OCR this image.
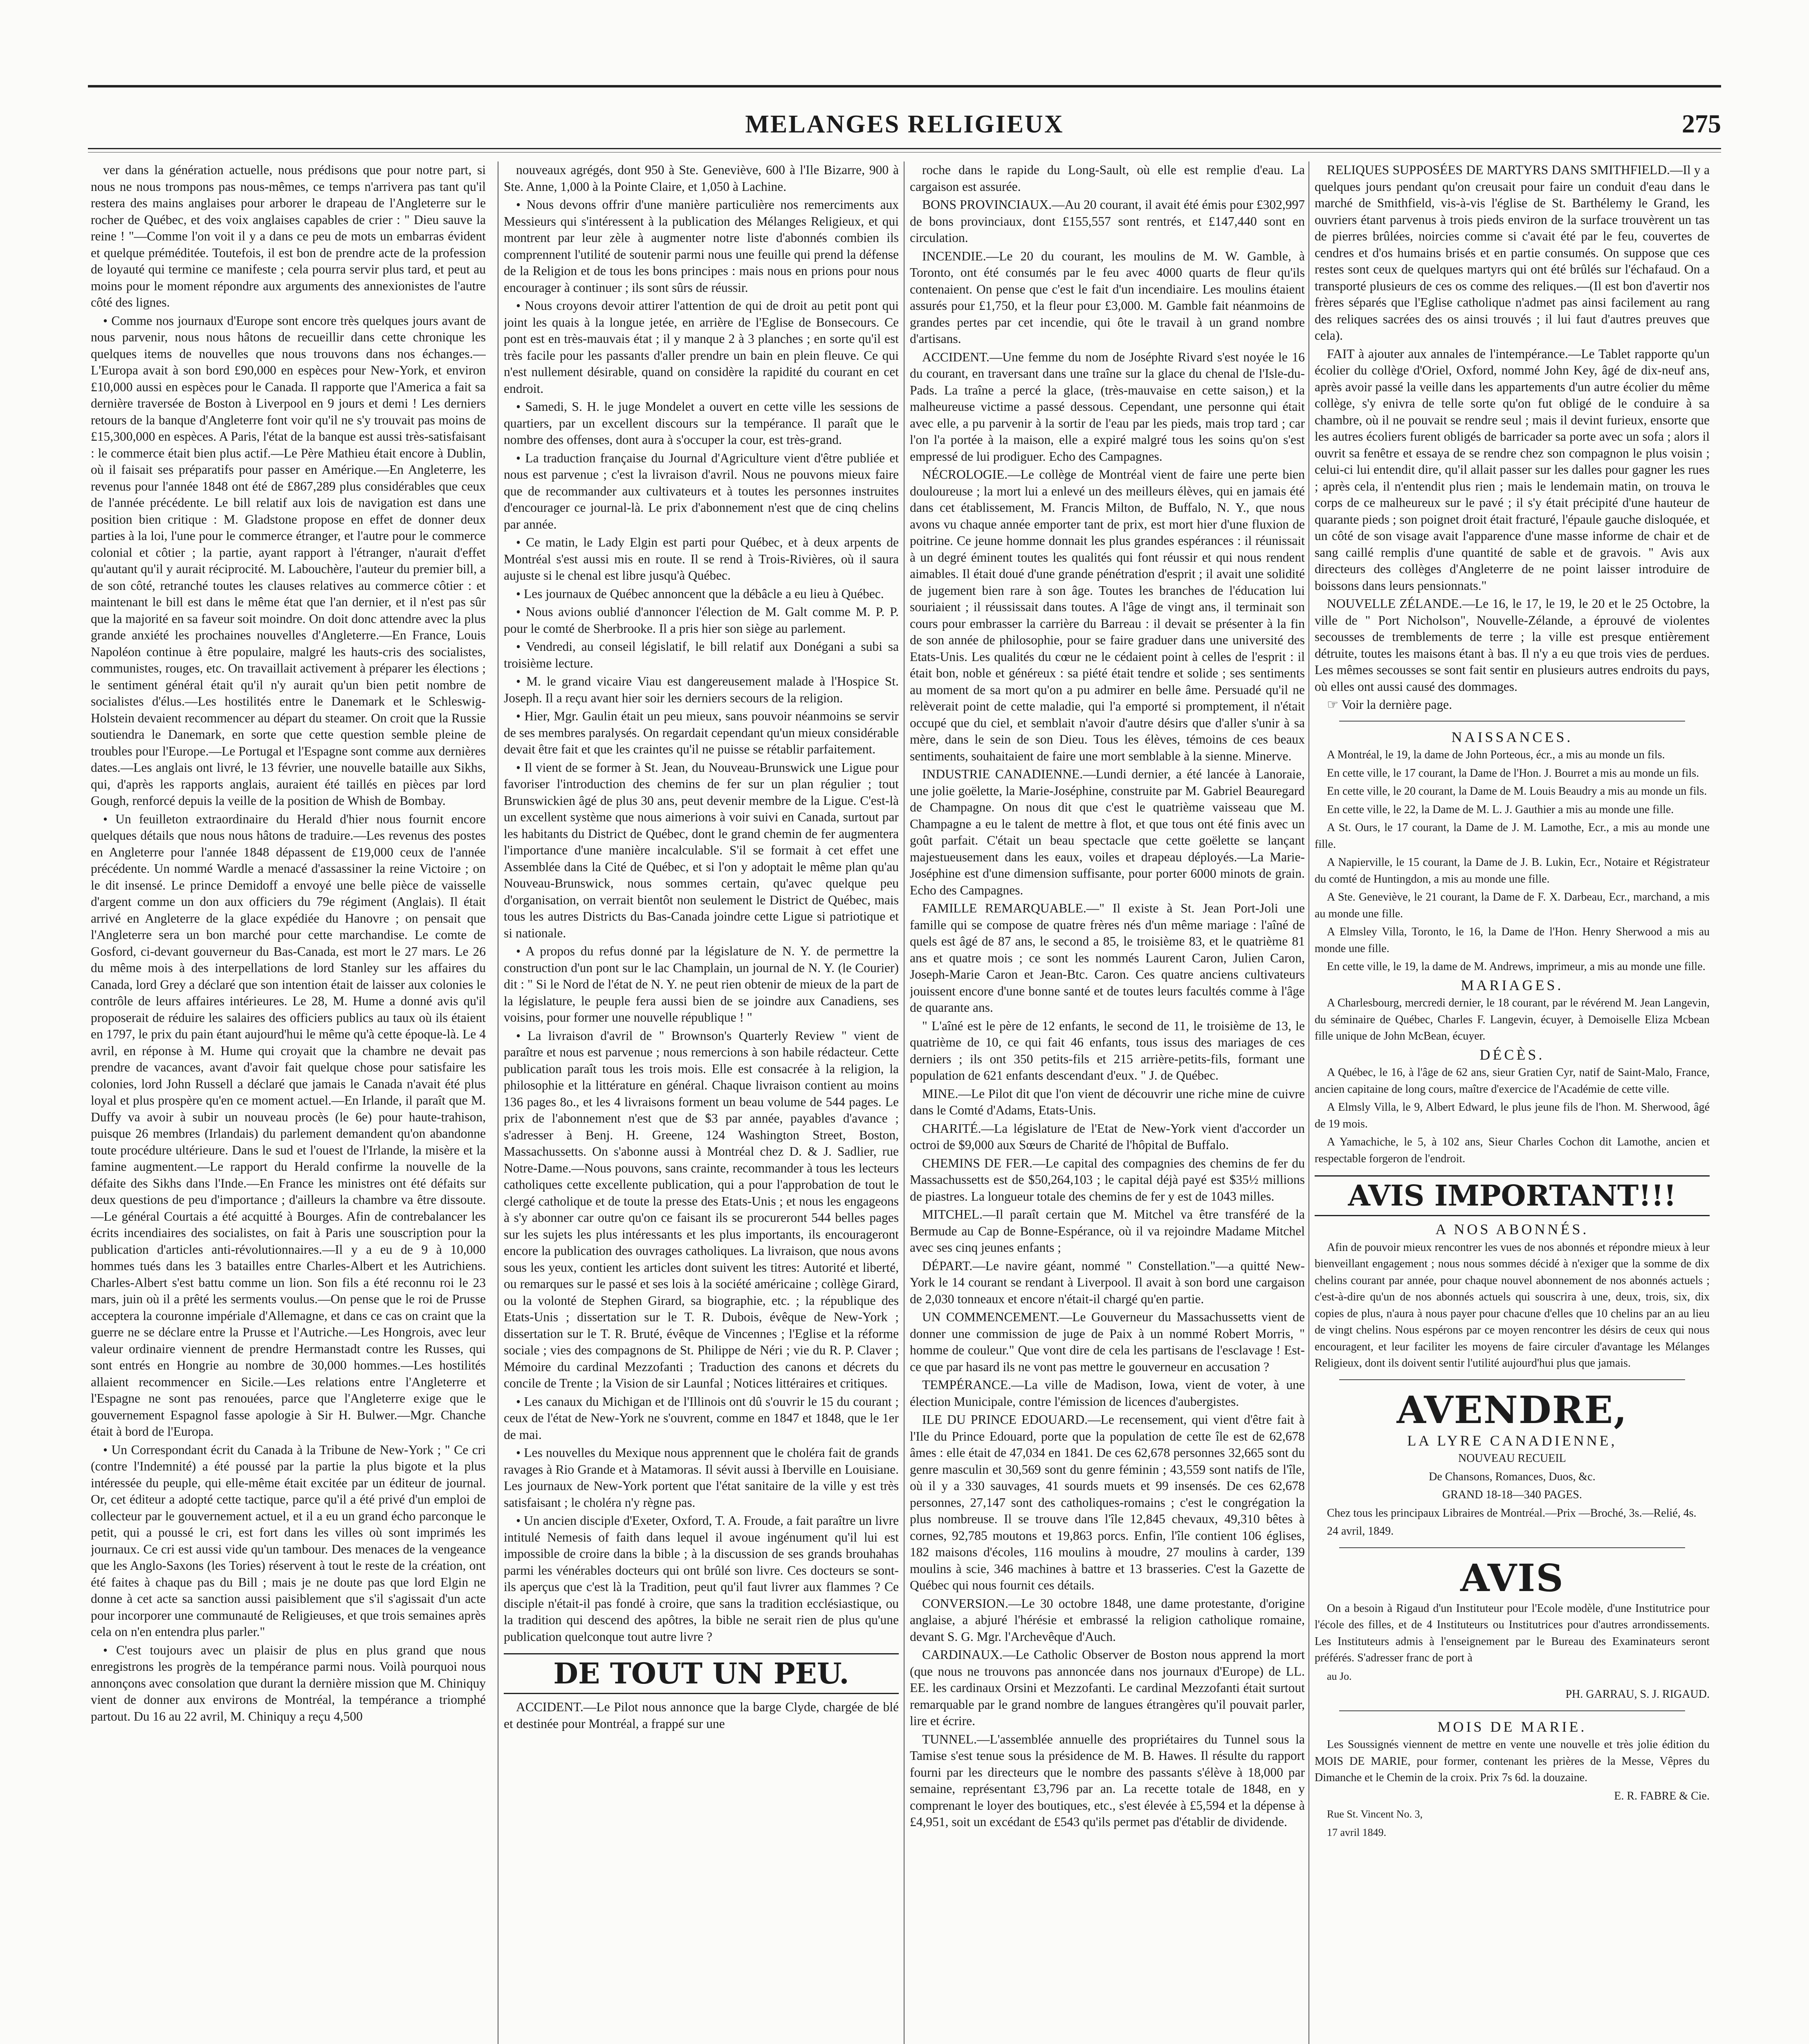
MELANGES RELIGIEUX	275

ver dans la génération actuelle, nous prédisons que pour notre part, si nous ne nous trompons pas nous-mêmes, ce temps n'arrivera pas tant qu'il restera des mains anglaises pour arborer le drapeau de l'Angleterre sur le rocher de Québec, et des voix anglaises capables de crier : " Dieu sauve la reine ! "—Comme l'on voit il y a dans ce peu de mots un embarras évident et quelque préméditée. Toutefois, il est bon de prendre acte de la profession de loyauté qui termine ce manifeste ; cela pourra servir plus tard, et peut au moins pour le moment répondre aux arguments des annexionistes de l'autre côté des lignes.

• Comme nos journaux d'Europe sont encore très quelques jours avant de nous parvenir, nous nous hâtons de recueillir dans cette chronique les quelques items de nouvelles que nous trouvons dans nos échanges.—L'Europa avait à son bord £90,000 en espèces pour New-York, et environ £10,000 aussi en espèces pour le Canada. Il rapporte que l'America a fait sa dernière traversée de Boston à Liverpool en 9 jours et demi ! Les derniers retours de la banque d'Angleterre font voir qu'il ne s'y trouvait pas moins de £15,300,000 en espèces. A Paris, l'état de la banque est aussi très-satisfaisant : le commerce était bien plus actif.—Le Père Mathieu était encore à Dublin, où il faisait ses préparatifs pour passer en Amérique.—En Angleterre, les revenus pour l'année 1848 ont été de £867,289 plus considérables que ceux de l'année précédente. Le bill relatif aux lois de navigation est dans une position bien critique : M. Gladstone propose en effet de donner deux parties à la loi, l'une pour le commerce étranger, et l'autre pour le commerce colonial et côtier ; la partie, ayant rapport à l'étranger, n'aurait d'effet qu'autant qu'il y aurait réciprocité. M. Labouchère, l'auteur du premier bill, a de son côté, retranché toutes les clauses relatives au commerce côtier : et maintenant le bill est dans le même état que l'an dernier, et il n'est pas sûr que la majorité en sa faveur soit moindre. On doit donc attendre avec la plus grande anxiété les prochaines nouvelles d'Angleterre.—En France, Louis Napoléon continue à être populaire, malgré les hauts-cris des socialistes, communistes, rouges, etc. On travaillait activement à préparer les élections ; le sentiment général était qu'il n'y aurait qu'un bien petit nombre de socialistes d'élus.—Les hostilités entre le Danemark et le Schleswig-Holstein devaient recommencer au départ du steamer. On croit que la Russie soutiendra le Danemark, en sorte que cette question semble pleine de troubles pour l'Europe.—Le Portugal et l'Espagne sont comme aux dernières dates.—Les anglais ont livré, le 13 février, une nouvelle bataille aux Sikhs, qui, d'après les rapports anglais, auraient été taillés en pièces par lord Gough, renforcé depuis la veille de la position de Whish de Bombay.

• Un feuilleton extraordinaire du Herald d'hier nous fournit encore quelques détails que nous nous hâtons de traduire.—Les revenus des postes en Angleterre pour l'année 1848 dépassent de £19,000 ceux de l'année précédente. Un nommé Wardle a menacé d'assassiner la reine Victoire ; on le dit insensé. Le prince Demidoff a envoyé une belle pièce de vaisselle d'argent comme un don aux officiers du 79e régiment (Anglais). Il était arrivé en Angleterre de la glace expédiée du Hanovre ; on pensait que l'Angleterre sera un bon marché pour cette marchandise. Le comte de Gosford, ci-devant gouverneur du Bas-Canada, est mort le 27 mars. Le 26 du même mois à des interpellations de lord Stanley sur les affaires du Canada, lord Grey a déclaré que son intention était de laisser aux colonies le contrôle de leurs affaires intérieures. Le 28, M. Hume a donné avis qu'il proposerait de réduire les salaires des officiers publics au taux où ils étaient en 1797, le prix du pain étant aujourd'hui le même qu'à cette époque-là. Le 4 avril, en réponse à M. Hume qui croyait que la chambre ne devait pas prendre de vacances, avant d'avoir fait quelque chose pour satisfaire les colonies, lord John Russell a déclaré que jamais le Canada n'avait été plus loyal et plus prospère qu'en ce moment actuel.—En Irlande, il paraît que M. Duffy va avoir à subir un nouveau procès (le 6e) pour haute-trahison, puisque 26 membres (Irlandais) du parlement demandent qu'on abandonne toute procédure ultérieure. Dans le sud et l'ouest de l'Irlande, la misère et la famine augmentent.—Le rapport du Herald confirme la nouvelle de la défaite des Sikhs dans l'Inde.—En France les ministres ont été défaits sur deux questions de peu d'importance ; d'ailleurs la chambre va être dissoute.—Le général Courtais a été acquitté à Bourges. Afin de contrebalancer les écrits incendiaires des socialistes, on fait à Paris une souscription pour la publication d'articles anti-révolutionnaires.—Il y a eu de 9 à 10,000 hommes tués dans les 3 batailles entre Charles-Albert et les Autrichiens. Charles-Albert s'est battu comme un lion. Son fils a été reconnu roi le 23 mars, juin où il a prêté les serments voulus.—On pense que le roi de Prusse acceptera la couronne impériale d'Allemagne, et dans ce cas on craint que la guerre ne se déclare entre la Prusse et l'Autriche.—Les Hongrois, avec leur valeur ordinaire viennent de prendre Hermanstadt contre les Russes, qui sont entrés en Hongrie au nombre de 30,000 hommes.—Les hostilités allaient recommencer en Sicile.—Les relations entre l'Angleterre et l'Espagne ne sont pas renouées, parce que l'Angleterre exige que le gouvernement Espagnol fasse apologie à Sir H. Bulwer.—Mgr. Chanche était à bord de l'Europa.

• Un Correspondant écrit du Canada à la Tribune de New-York ; " Ce cri (contre l'Indemnité) a été poussé par la partie la plus bigote et la plus intéressée du peuple, qui elle-même était excitée par un éditeur de journal. Or, cet éditeur a adopté cette tactique, parce qu'il a été privé d'un emploi de collecteur par le gouvernement actuel, et il a eu un grand écho parconque le petit, qui a poussé le cri, est fort dans les villes où sont imprimés les journaux. Ce cri est aussi vide qu'un tambour. Des menaces de la vengeance que les Anglo-Saxons (les Tories) réservent à tout le reste de la création, ont été faites à chaque pas du Bill ; mais je ne doute pas que lord Elgin ne donne à cet acte sa sanction aussi paisiblement que s'il s'agissait d'un acte pour incorporer une communauté de Religieuses, et que trois semaines après cela on n'en entendra plus parler."

• C'est toujours avec un plaisir de plus en plus grand que nous enregistrons les progrès de la tempérance parmi nous. Voilà pourquoi nous annonçons avec consolation que durant la dernière mission que M. Chiniquy vient de donner aux environs de Montréal, la tempérance a triomphé partout. Du 16 au 22 avril, M. Chiniquy a reçu 4,500

nouveaux agrégés, dont 950 à Ste. Geneviève, 600 à l'Ile Bizarre, 900 à Ste. Anne, 1,000 à la Pointe Claire, et 1,050 à Lachine.

• Nous devons offrir d'une manière particulière nos remerciments aux Messieurs qui s'intéressent à la publication des Mélanges Religieux, et qui montrent par leur zèle à augmenter notre liste d'abonnés combien ils comprennent l'utilité de soutenir parmi nous une feuille qui prend la défense de la Religion et de tous les bons principes : mais nous en prions pour nous encourager à continuer ; ils sont sûrs de réussir.

• Nous croyons devoir attirer l'attention de qui de droit au petit pont qui joint les quais à la longue jetée, en arrière de l'Eglise de Bonsecours. Ce pont est en très-mauvais état ; il y manque 2 à 3 planches ; en sorte qu'il est très facile pour les passants d'aller prendre un bain en plein fleuve. Ce qui n'est nullement désirable, quand on considère la rapidité du courant en cet endroit.

• Samedi, S. H. le juge Mondelet a ouvert en cette ville les sessions de quartiers, par un excellent discours sur la tempérance. Il paraît que le nombre des offenses, dont aura à s'occuper la cour, est très-grand.

• La traduction française du Journal d'Agriculture vient d'être publiée et nous est parvenue ; c'est la livraison d'avril. Nous ne pouvons mieux faire que de recommander aux cultivateurs et à toutes les personnes instruites d'encourager ce journal-là. Le prix d'abonnement n'est que de cinq chelins par année.

• Ce matin, le Lady Elgin est parti pour Québec, et à deux arpents de Montréal s'est aussi mis en route. Il se rend à Trois-Rivières, où il saura aujuste si le chenal est libre jusqu'à Québec.

• Les journaux de Québec annoncent que la débâcle a eu lieu à Québec.

• Nous avions oublié d'annoncer l'élection de M. Galt comme M. P. P. pour le comté de Sherbrooke. Il a pris hier son siège au parlement.

• Vendredi, au conseil législatif, le bill relatif aux Donégani a subi sa troisième lecture.

• M. le grand vicaire Viau est dangereusement malade à l'Hospice St. Joseph. Il a reçu avant hier soir les derniers secours de la religion.

• Hier, Mgr. Gaulin était un peu mieux, sans pouvoir néanmoins se servir de ses membres paralysés. On regardait cependant qu'un mieux considérable devait être fait et que les craintes qu'il ne puisse se rétablir parfaitement.

• Il vient de se former à St. Jean, du Nouveau-Brunswick une Ligue pour favoriser l'introduction des chemins de fer sur un plan régulier ; tout Brunswickien âgé de plus 30 ans, peut devenir membre de la Ligue. C'est-là un excellent système que nous aimerions à voir suivi en Canada, surtout par les habitants du District de Québec, dont le grand chemin de fer augmentera l'importance d'une manière incalculable. S'il se formait à cet effet une Assemblée dans la Cité de Québec, et si l'on y adoptait le même plan qu'au Nouveau-Brunswick, nous sommes certain, qu'avec quelque peu d'organisation, on verrait bientôt non seulement le District de Québec, mais tous les autres Districts du Bas-Canada joindre cette Ligue si patriotique et si nationale.

• A propos du refus donné par la législature de N. Y. de permettre la construction d'un pont sur le lac Champlain, un journal de N. Y. (le Courier) dit : " Si le Nord de l'état de N. Y. ne peut rien obtenir de mieux de la part de la législature, le peuple fera aussi bien de se joindre aux Canadiens, ses voisins, pour former une nouvelle république ! "

• La livraison d'avril de " Brownson's Quarterly Review " vient de paraître et nous est parvenue ; nous remercions à son habile rédacteur. Cette publication paraît tous les trois mois. Elle est consacrée à la religion, la philosophie et la littérature en général. Chaque livraison contient au moins 136 pages 8o., et les 4 livraisons forment un beau volume de 544 pages. Le prix de l'abonnement n'est que de $3 par année, payables d'avance ; s'adresser à Benj. H. Greene, 124 Washington Street, Boston, Massachussetts. On s'abonne aussi à Montréal chez D. & J. Sadlier, rue Notre-Dame.—Nous pouvons, sans crainte, recommander à tous les lecteurs catholiques cette excellente publication, qui a pour l'approbation de tout le clergé catholique et de toute la presse des Etats-Unis ; et nous les engageons à s'y abonner car outre qu'on ce faisant ils se procureront 544 belles pages sur les sujets les plus intéressants et les plus importants, ils encourageront encore la publication des ouvrages catholiques. La livraison, que nous avons sous les yeux, contient les articles dont suivent les titres: Autorité et liberté, ou remarques sur le passé et ses lois à la société américaine ; collège Girard, ou la volonté de Stephen Girard, sa biographie, etc. ; la république des Etats-Unis ; dissertation sur le T. R. Dubois, évêque de New-York ; dissertation sur le T. R. Bruté, évêque de Vincennes ; l'Eglise et la réforme sociale ; vies des compagnons de St. Philippe de Néri ; vie du R. P. Claver ; Mémoire du cardinal Mezzofanti ; Traduction des canons et décrets du concile de Trente ; la Vision de sir Launfal ; Notices littéraires et critiques.

• Les canaux du Michigan et de l'Illinois ont dû s'ouvrir le 15 du courant ; ceux de l'état de New-York ne s'ouvrent, comme en 1847 et 1848, que le 1er de mai.

• Les nouvelles du Mexique nous apprennent que le choléra fait de grands ravages à Rio Grande et à Matamoras. Il sévit aussi à Iberville en Louisiane. Les journaux de New-York portent que l'état sanitaire de la ville y est très satisfaisant ; le choléra n'y règne pas.

• Un ancien disciple d'Exeter, Oxford, T. A. Froude, a fait paraître un livre intitulé Nemesis of faith dans lequel il avoue ingénument qu'il lui est impossible de croire dans la bible ; à la discussion de ses grands brouhahas parmi les vénérables docteurs qui ont brûlé son livre. Ces docteurs se sont-ils aperçus que c'est là la Tradition, peut qu'il faut livrer aux flammes ? Ce disciple n'était-il pas fondé à croire, que sans la tradition ecclésiastique, ou la tradition qui descend des apôtres, la bible ne serait rien de plus qu'une publication quelconque tout autre livre ?

DE TOUT UN PEU.

ACCIDENT.—Le Pilot nous annonce que la barge Clyde, chargée de blé et destinée pour Montréal, a frappé sur une

roche dans le rapide du Long-Sault, où elle est remplie d'eau. La cargaison est assurée.

BONS PROVINCIAUX.—Au 20 courant, il avait été émis pour £302,997 de bons provinciaux, dont £155,557 sont rentrés, et £147,440 sont en circulation.

INCENDIE.—Le 20 du courant, les moulins de M. W. Gamble, à Toronto, ont été consumés par le feu avec 4000 quarts de fleur qu'ils contenaient. On pense que c'est le fait d'un incendiaire. Les moulins étaient assurés pour £1,750, et la fleur pour £3,000. M. Gamble fait néanmoins de grandes pertes par cet incendie, qui ôte le travail à un grand nombre d'artisans.

ACCIDENT.—Une femme du nom de Joséphte Rivard s'est noyée le 16 du courant, en traversant dans une traîne sur la glace du chenal de l'Isle-du-Pads. La traîne a percé la glace, (très-mauvaise en cette saison,) et la malheureuse victime a passé dessous. Cependant, une personne qui était avec elle, a pu parvenir à la sortir de l'eau par les pieds, mais trop tard ; car l'on l'a portée à la maison, elle a expiré malgré tous les soins qu'on s'est empressé de lui prodiguer. Echo des Campagnes.

NÉCROLOGIE.—Le collège de Montréal vient de faire une perte bien douloureuse ; la mort lui a enlevé un des meilleurs élèves, qui en jamais été dans cet établissement, M. Francis Milton, de Buffalo, N. Y., que nous avons vu chaque année emporter tant de prix, est mort hier d'une fluxion de poitrine. Ce jeune homme donnait les plus grandes espérances : il réunissait à un degré éminent toutes les qualités qui font réussir et qui nous rendent aimables. Il était doué d'une grande pénétration d'esprit ; il avait une solidité de jugement bien rare à son âge. Toutes les branches de l'éducation lui souriaient ; il réussissait dans toutes. A l'âge de vingt ans, il terminait son cours pour embrasser la carrière du Barreau : il devait se présenter à la fin de son année de philosophie, pour se faire graduer dans une université des Etats-Unis. Les qualités du cœur ne le cédaient point à celles de l'esprit : il était bon, noble et généreux : sa piété était tendre et solide ; ses sentiments au moment de sa mort qu'on a pu admirer en belle âme. Persuadé qu'il ne relèverait point de cette maladie, qui l'a emporté si promptement, il n'était occupé que du ciel, et semblait n'avoir d'autre désirs que d'aller s'unir à sa mère, dans le sein de son Dieu. Tous les élèves, témoins de ces beaux sentiments, souhaitaient de faire une mort semblable à la sienne. Minerve.

INDUSTRIE CANADIENNE.—Lundi dernier, a été lancée à Lanoraie, une jolie goëlette, la Marie-Joséphine, construite par M. Gabriel Beauregard de Champagne. On nous dit que c'est le quatrième vaisseau que M. Champagne a eu le talent de mettre à flot, et que tous ont été finis avec un goût parfait. C'était un beau spectacle que cette goëlette se lançant majestueusement dans les eaux, voiles et drapeau déployés.—La Marie-Joséphine est d'une dimension suffisante, pour porter 6000 minots de grain. Echo des Campagnes.

FAMILLE REMARQUABLE.—" Il existe à St. Jean Port-Joli une famille qui se compose de quatre frères nés d'un même mariage : l'aîné de quels est âgé de 87 ans, le second a 85, le troisième 83, et le quatrième 81 ans et quatre mois ; ce sont les nommés Laurent Caron, Julien Caron, Joseph-Marie Caron et Jean-Btc. Caron. Ces quatre anciens cultivateurs jouissent encore d'une bonne santé et de toutes leurs facultés comme à l'âge de quarante ans.

" L'aîné est le père de 12 enfants, le second de 11, le troisième de 13, le quatrième de 10, ce qui fait 46 enfants, tous issus des mariages de ces derniers ; ils ont 350 petits-fils et 215 arrière-petits-fils, formant une population de 621 enfants descendant d'eux. " J. de Québec.

MINE.—Le Pilot dit que l'on vient de découvrir une riche mine de cuivre dans le Comté d'Adams, Etats-Unis.

CHARITÉ.—La législature de l'Etat de New-York vient d'accorder un octroi de $9,000 aux Sœurs de Charité de l'hôpital de Buffalo.

CHEMINS DE FER.—Le capital des compagnies des chemins de fer du Massachussetts est de $50,264,103 ; le capital déjà payé est $35½ millions de piastres. La longueur totale des chemins de fer y est de 1043 milles.

MITCHEL.—Il paraît certain que M. Mitchel va être transféré de la Bermude au Cap de Bonne-Espérance, où il va rejoindre Madame Mitchel avec ses cinq jeunes enfants ;

DÉPART.—Le navire géant, nommé " Constellation."—a quitté New-York le 14 courant se rendant à Liverpool. Il avait à son bord une cargaison de 2,030 tonneaux et encore n'était-il chargé qu'en partie.

UN COMMENCEMENT.—Le Gouverneur du Massachussetts vient de donner une commission de juge de Paix à un nommé Robert Morris, " homme de couleur." Que vont dire de cela les partisans de l'esclavage ! Est-ce que par hasard ils ne vont pas mettre le gouverneur en accusation ?

TEMPÉRANCE.—La ville de Madison, Iowa, vient de voter, à une élection Municipale, contre l'émission de licences d'aubergistes.

ILE DU PRINCE EDOUARD.—Le recensement, qui vient d'être fait à l'Ile du Prince Edouard, porte que la population de cette île est de 62,678 âmes : elle était de 47,034 en 1841. De ces 62,678 personnes 32,665 sont du genre masculin et 30,569 sont du genre féminin ; 43,559 sont natifs de l'île, où il y a 330 sauvages, 41 sourds muets et 99 insensés. De ces 62,678 personnes, 27,147 sont des catholiques-romains ; c'est le congrégation la plus nombreuse. Il se trouve dans l'île 12,845 chevaux, 49,310 bêtes à cornes, 92,785 moutons et 19,863 porcs. Enfin, l'île contient 106 églises, 182 maisons d'écoles, 116 moulins à moudre, 27 moulins à carder, 139 moulins à scie, 346 machines à battre et 13 brasseries. C'est la Gazette de Québec qui nous fournit ces détails.

CONVERSION.—Le 30 octobre 1848, une dame protestante, d'origine anglaise, a abjuré l'hérésie et embrassé la religion catholique romaine, devant S. G. Mgr. l'Archevêque d'Auch.

CARDINAUX.—Le Catholic Observer de Boston nous apprend la mort (que nous ne trouvons pas annoncée dans nos journaux d'Europe) de LL. EE. les cardinaux Orsini et Mezzofanti. Le cardinal Mezzofanti était surtout remarquable par le grand nombre de langues étrangères qu'il pouvait parler, lire et écrire.

TUNNEL.—L'assemblée annuelle des propriétaires du Tunnel sous la Tamise s'est tenue sous la présidence de M. B. Hawes. Il résulte du rapport fourni par les directeurs que le nombre des passants s'élève à 18,000 par semaine, représentant £3,796 par an. La recette totale de 1848, en y comprenant le loyer des boutiques, etc., s'est élevée à £5,594 et la dépense à £4,951, soit un excédant de £543 qu'ils permet pas d'établir de dividende.

RELIQUES SUPPOSÉES DE MARTYRS DANS SMITHFIELD.—Il y a quelques jours pendant qu'on creusait pour faire un conduit d'eau dans le marché de Smithfield, vis-à-vis l'église de St. Barthélemy le Grand, les ouvriers étant parvenus à trois pieds environ de la surface trouvèrent un tas de pierres brûlées, noircies comme si c'avait été par le feu, couvertes de cendres et d'os humains brisés et en partie consumés. On suppose que ces restes sont ceux de quelques martyrs qui ont été brûlés sur l'échafaud. On a transporté plusieurs de ces os comme des reliques.—(Il est bon d'avertir nos frères séparés que l'Eglise catholique n'admet pas ainsi facilement au rang des reliques sacrées des os ainsi trouvés ; il lui faut d'autres preuves que cela).

FAIT à ajouter aux annales de l'intempérance.—Le Tablet rapporte qu'un écolier du collège d'Oriel, Oxford, nommé John Key, âgé de dix-neuf ans, après avoir passé la veille dans les appartements d'un autre écolier du même collège, s'y enivra de telle sorte qu'on fut obligé de le conduire à sa chambre, où il ne pouvait se rendre seul ; mais il devint furieux, ensorte que les autres écoliers furent obligés de barricader sa porte avec un sofa ; alors il ouvrit sa fenêtre et essaya de se rendre chez son compagnon le plus voisin ; celui-ci lui entendit dire, qu'il allait passer sur les dalles pour gagner les rues ; après cela, il n'entendit plus rien ; mais le lendemain matin, on trouva le corps de ce malheureux sur le pavé ; il s'y était précipité d'une hauteur de quarante pieds ; son poignet droit était fracturé, l'épaule gauche disloquée, et un côté de son visage avait l'apparence d'une masse informe de chair et de sang caillé remplis d'une quantité de sable et de gravois. " Avis aux directeurs des collèges d'Angleterre de ne point laisser introduire de boissons dans leurs pensionnats."

NOUVELLE ZÉLANDE.—Le 16, le 17, le 19, le 20 et le 25 Octobre, la ville de " Port Nicholson", Nouvelle-Zélande, a éprouvé de violentes secousses de tremblements de terre ; la ville est presque entièrement détruite, toutes les maisons étant à bas. Il n'y a eu que trois vies de perdues. Les mêmes secousses se sont fait sentir en plusieurs autres endroits du pays, où elles ont aussi causé des dommages.

☞ Voir la dernière page.

NAISSANCES.

A Montréal, le 19, la dame de John Porteous, écr., a mis au monde un fils.

En cette ville, le 17 courant, la Dame de l'Hon. J. Bourret a mis au monde un fils.

En cette ville, le 20 courant, la Dame de M. Louis Beaudry a mis au monde un fils.

En cette ville, le 22, la Dame de M. L. J. Gauthier a mis au monde une fille.

A St. Ours, le 17 courant, la Dame de J. M. Lamothe, Ecr., a mis au monde une fille.

A Napierville, le 15 courant, la Dame de J. B. Lukin, Ecr., Notaire et Régistrateur du comté de Huntingdon, a mis au monde une fille.

A Ste. Geneviève, le 21 courant, la Dame de F. X. Darbeau, Ecr., marchand, a mis au monde une fille.

A Elmsley Villa, Toronto, le 16, la Dame de l'Hon. Henry Sherwood a mis au monde une fille.

En cette ville, le 19, la dame de M. Andrews, imprimeur, a mis au monde une fille.

MARIAGES.

A Charlesbourg, mercredi dernier, le 18 courant, par le révérend M. Jean Langevin, du séminaire de Québec, Charles F. Langevin, écuyer, à Demoiselle Eliza Mcbean fille unique de John McBean, écuyer.

DÉCÈS.

A Québec, le 16, à l'âge de 62 ans, sieur Gratien Cyr, natif de Saint-Malo, France, ancien capitaine de long cours, maître d'exercice de l'Académie de cette ville.

A Elmsly Villa, le 9, Albert Edward, le plus jeune fils de l'hon. M. Sherwood, âgé de 19 mois.

A Yamachiche, le 5, à 102 ans, Sieur Charles Cochon dit Lamothe, ancien et respectable forgeron de l'endroit.

AVIS IMPORTANT!!!

A NOS ABONNÉS.

Afin de pouvoir mieux rencontrer les vues de nos abonnés et répondre mieux à leur bienveillant engagement ; nous nous sommes décidé à n'exiger que la somme de dix chelins courant par année, pour chaque nouvel abonnement de nos abonnés actuels ; c'est-à-dire qu'un de nos abonnés actuels qui souscrira à une, deux, trois, six, dix copies de plus, n'aura à nous payer pour chacune d'elles que 10 chelins par an au lieu de vingt chelins. Nous espérons par ce moyen rencontrer les désirs de ceux qui nous encouragent, et leur faciliter les moyens de faire circuler d'avantage les Mélanges Religieux, dont ils doivent sentir l'utilité aujourd'hui plus que jamais.

AVENDRE,

LA LYRE CANADIENNE,

NOUVEAU RECUEIL

De Chansons, Romances, Duos, &c.

GRAND 18-18—340 PAGES.

Chez tous les principaux Libraires de Montréal.—Prix —Broché, 3s.—Relié, 4s.

24 avril, 1849.

AVIS

On a besoin à Rigaud d'un Instituteur pour l'Ecole modèle, d'une Institutrice pour l'école des filles, et de 4 Instituteurs ou Institutrices pour d'autres arrondissements. Les Instituteurs admis à l'enseignement par le Bureau des Examinateurs seront préférés. S'adresser franc de port à

au Jo.

PH. GARRAU, S. J. RIGAUD.

MOIS DE MARIE.

Les Soussignés viennent de mettre en vente une nouvelle et très jolie édition du MOIS DE MARIE, pour former, contenant les prières de la Messe, Vêpres du Dimanche et le Chemin de la croix. Prix 7s 6d. la douzaine.

E. R. FABRE & Cie.

Rue St. Vincent No. 3,

17 avril 1849.
